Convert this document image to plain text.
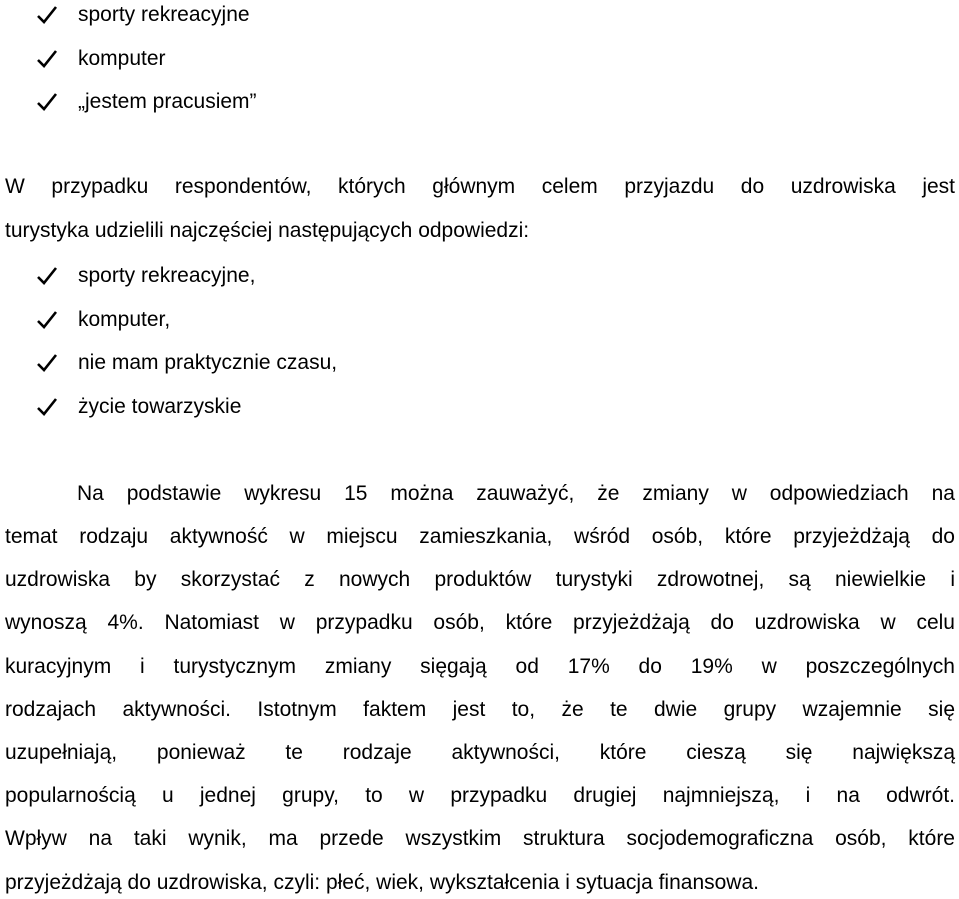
sporty rekreacyjne
komputer
„jestem pracusiem”
W przypadku respondentów, których głównym celem przyjazdu do uzdrowiska jest
turystyka udzielili najczęściej następujących odpowiedzi:
sporty rekreacyjne,
komputer,
nie mam praktycznie czasu,
życie towarzyskie
Na podstawie wykresu 15 można zauważyć, że zmiany w odpowiedziach na
temat rodzaju aktywność w miejscu zamieszkania, wśród osób, które przyjeżdżają do
uzdrowiska by skorzystać z nowych produktów turystyki zdrowotnej, są niewielkie i
wynoszą 4%. Natomiast w przypadku osób, które przyjeżdżają do uzdrowiska w celu
kuracyjnym i turystycznym zmiany sięgają od 17% do 19% w poszczególnych
rodzajach aktywności. Istotnym faktem jest to, że te dwie grupy wzajemnie się
uzupełniają, ponieważ te rodzaje aktywności, które cieszą się największą
popularnością u jednej grupy, to w przypadku drugiej najmniejszą, i na odwrót.
Wpływ na taki wynik, ma przede wszystkim struktura socjodemograficzna osób, które
przyjeżdżają do uzdrowiska, czyli: płeć, wiek, wykształcenia i sytuacja finansowa.
